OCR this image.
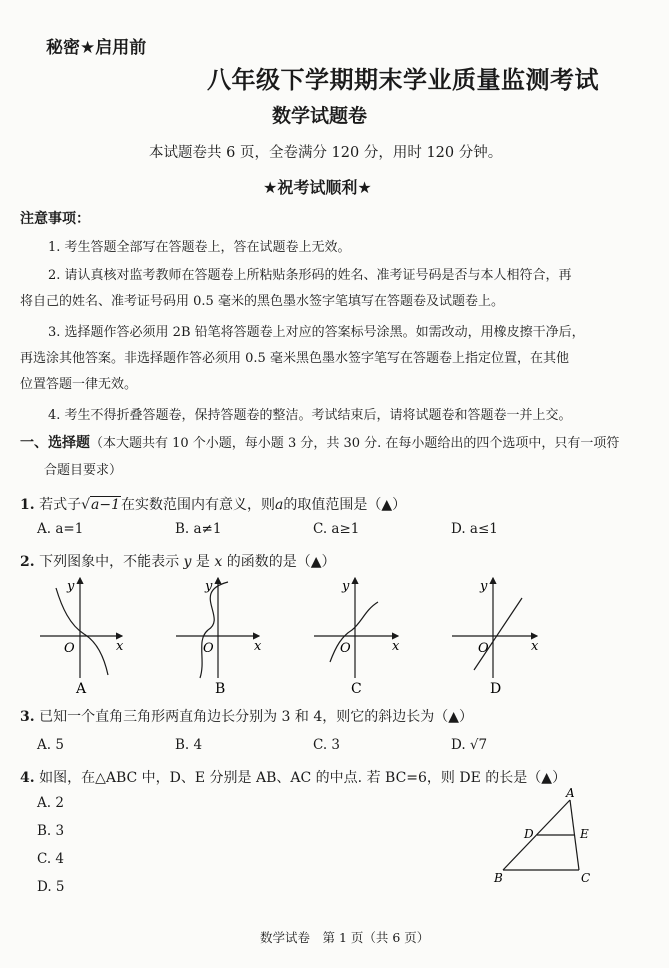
秘密★启用前
八年级下学期期末学业质量监测考试
数学试题卷
本试题卷共 6 页，全卷满分 120 分，用时 120 分钟。
★祝考试顺利★
注意事项：
1. 考生答题全部写在答题卷上，答在试题卷上无效。
2. 请认真核对监考教师在答题卷上所粘贴条形码的姓名、准考证号码是否与本人相符合，再
将自己的姓名、准考证号码用 0.5 毫米的黑色墨水签字笔填写在答题卷及试题卷上。
3. 选择题作答必须用 2B 铅笔将答题卷上对应的答案标号涂黑。如需改动，用橡皮擦干净后，
再选涂其他答案。非选择题作答必须用 0.5 毫米黑色墨水签字笔写在答题卷上指定位置，在其他
位置答题一律无效。
4. 考生不得折叠答题卷，保持答题卷的整洁。考试结束后，请将试题卷和答题卷一并上交。
一、选择题（本大题共有 10 个小题，每小题 3 分，共 30 分. 在每小题给出的四个选项中，只有一项符
合题目要求）
1. 若式子√a−1在实数范围内有意义，则a的取值范围是（▲）
A. a=1	B. a≠1	C. a≥1	D. a≤1
2. 下列图象中，不能表示 y 是 x 的函数的是（▲）
y
x
O
A
y
x
O
B
y
x
O
C
y
x
O
D
3. 已知一个直角三角形两直角边长分别为 3 和 4，则它的斜边长为（▲）
A. 5	B. 4	C. 3	D. √7
4. 如图，在△ABC 中，D、E 分别是 AB、AC 的中点. 若 BC=6，则 DE 的长是（▲）
A. 2
B. 3
C. 4
D. 5
A
B	C
D	E
数学试卷　第 1 页（共 6 页）
